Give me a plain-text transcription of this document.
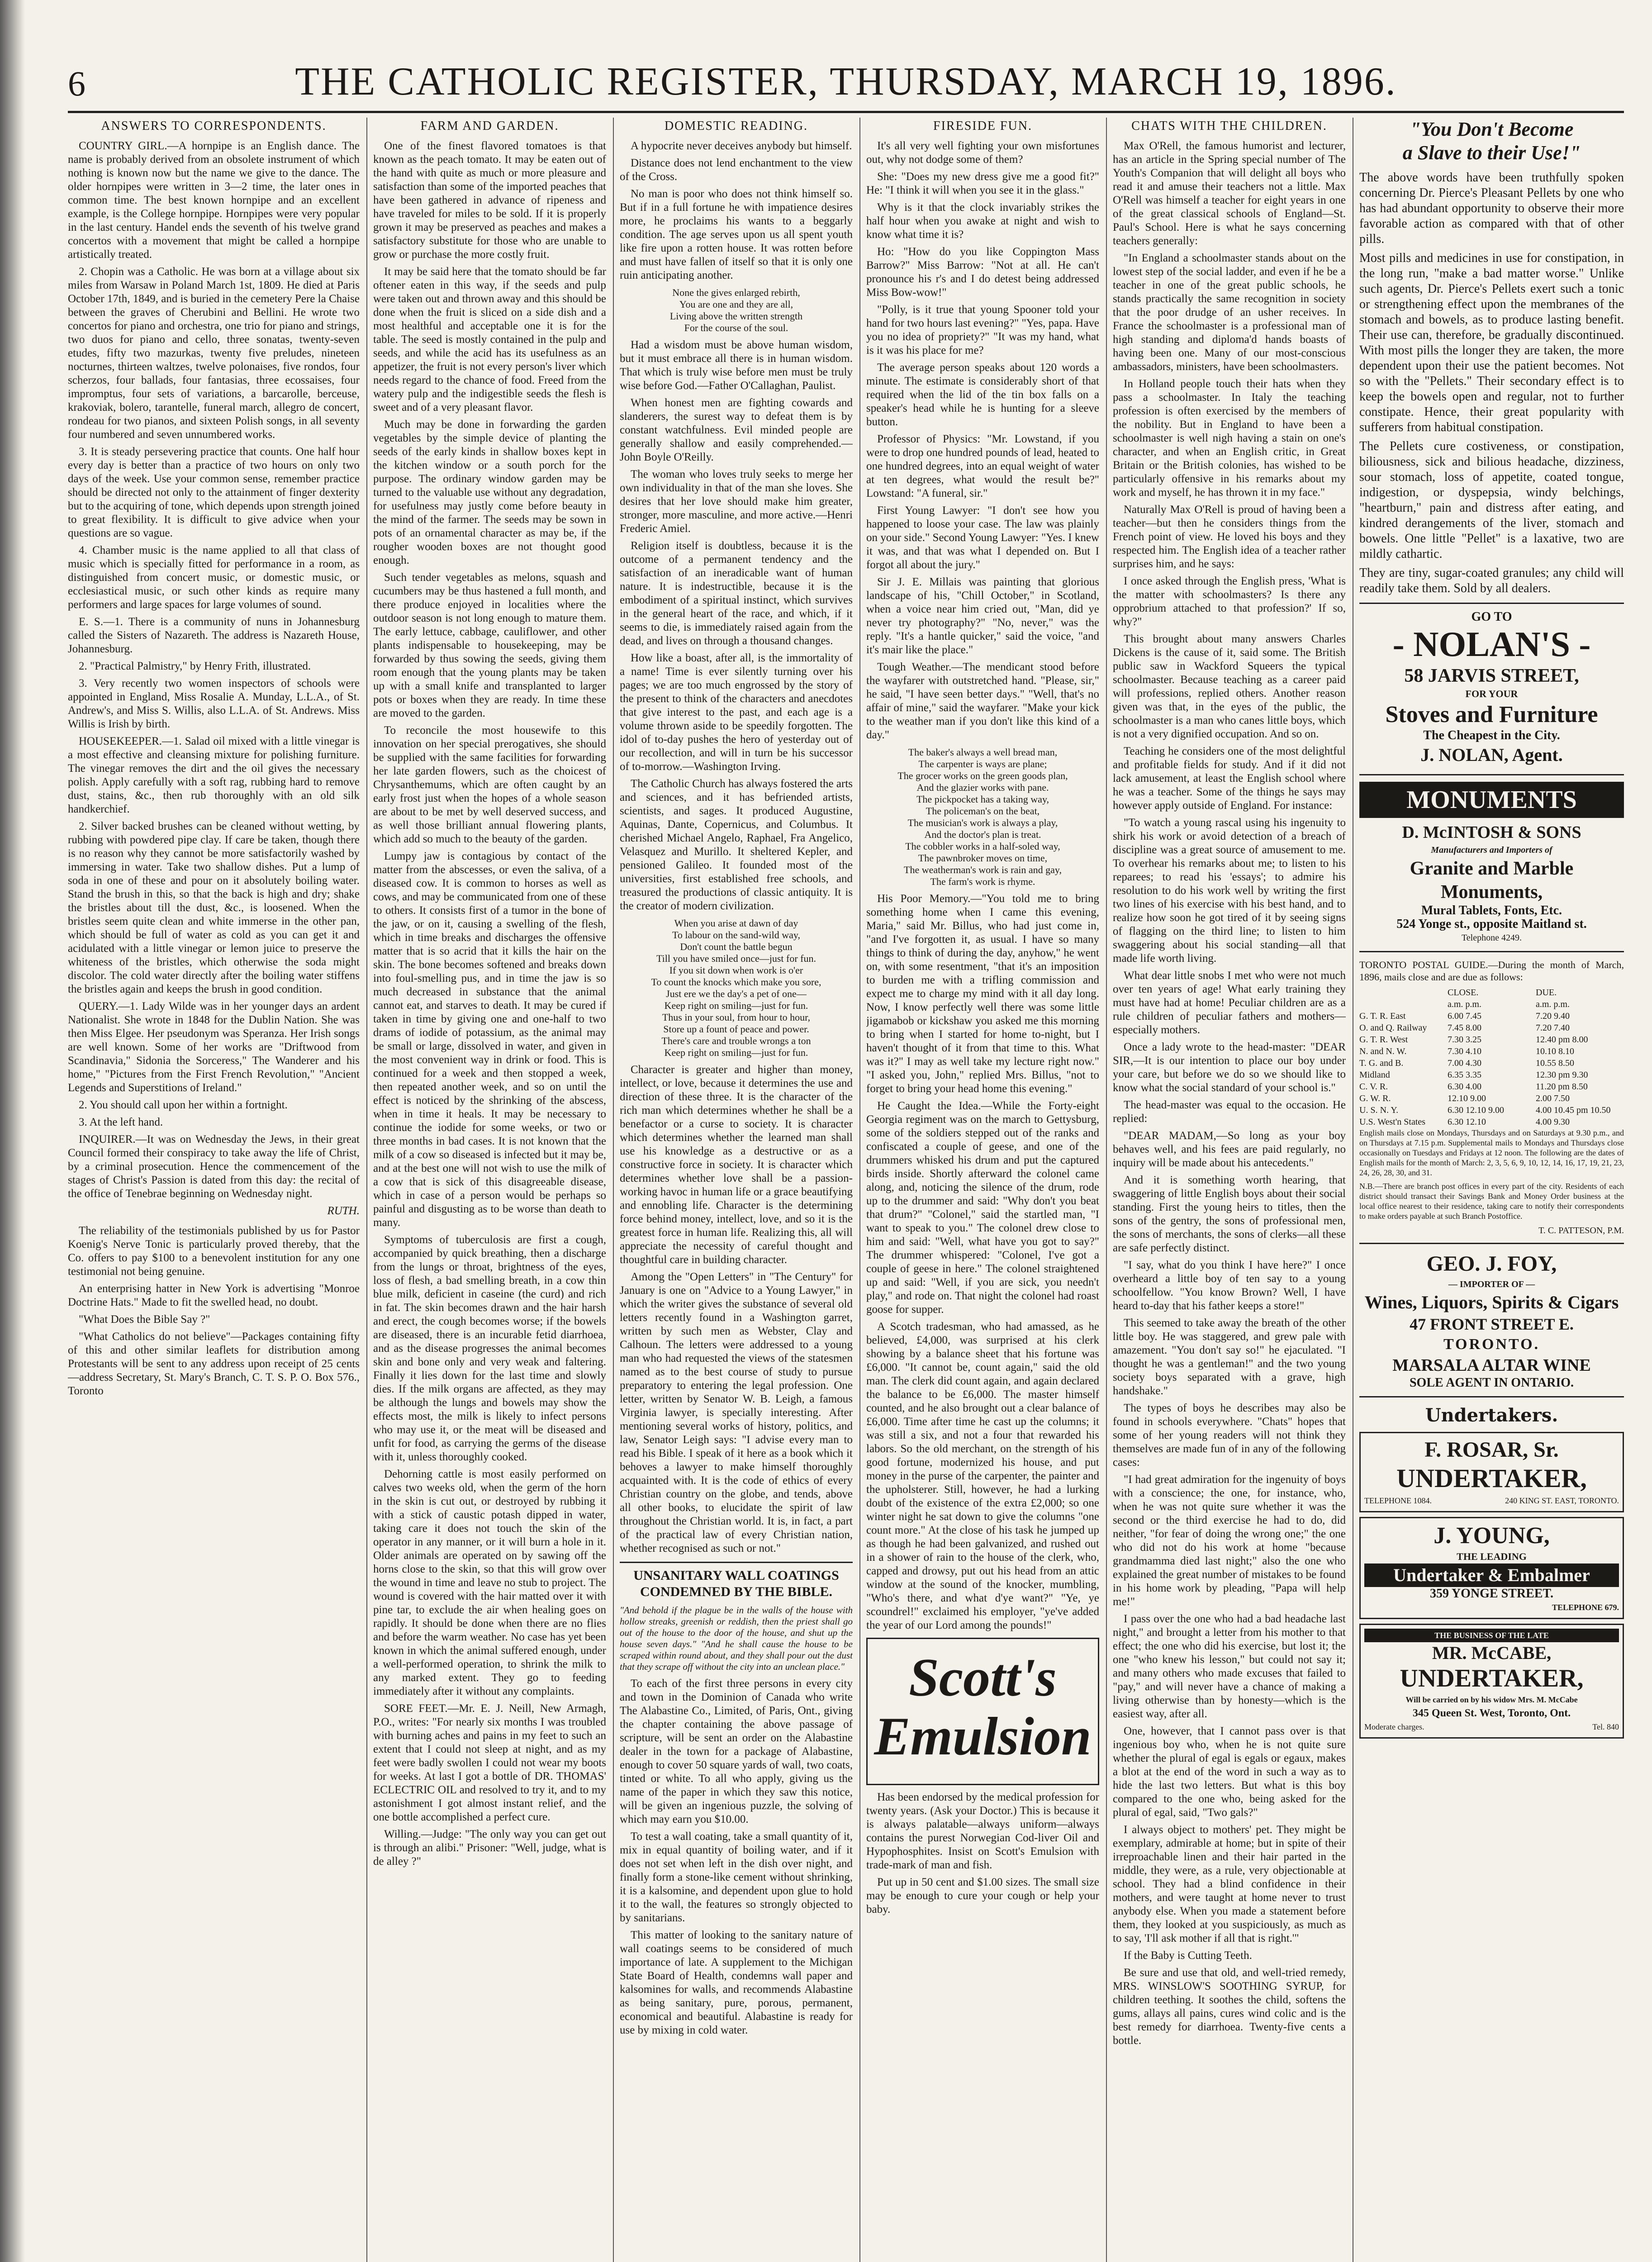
6	THE CATHOLIC REGISTER, THURSDAY, MARCH 19, 1896.
ANSWERS TO CORRESPONDENTS.

COUNTRY GIRL.—A hornpipe is an English dance. The name is probably derived from an obsolete instrument of which nothing is known now but the name we give to the dance. The older hornpipes were written in 3—2 time, the later ones in common time. The best known hornpipe and an excellent example, is the College hornpipe. Hornpipes were very popular in the last century. Handel ends the seventh of his twelve grand concertos with a movement that might be called a hornpipe artistically treated.

2. Chopin was a Catholic. He was born at a village about six miles from Warsaw in Poland March 1st, 1809. He died at Paris October 17th, 1849, and is buried in the cemetery Pere la Chaise between the graves of Cherubini and Bellini. He wrote two concertos for piano and orchestra, one trio for piano and strings, two duos for piano and cello, three sonatas, twenty-seven etudes, fifty two mazurkas, twenty five preludes, nineteen nocturnes, thirteen waltzes, twelve polonaises, five rondos, four scherzos, four ballads, four fantasias, three ecossaises, four impromptus, four sets of variations, a barcarolle, berceuse, krakoviak, bolero, tarantelle, funeral march, allegro de concert, rondeau for two pianos, and sixteen Polish songs, in all seventy four numbered and seven unnumbered works.

3. It is steady persevering practice that counts. One half hour every day is better than a practice of two hours on only two days of the week. Use your common sense, remember practice should be directed not only to the attainment of finger dexterity but to the acquiring of tone, which depends upon strength joined to great flexibility. It is difficult to give advice when your questions are so vague.

4. Chamber music is the name applied to all that class of music which is specially fitted for performance in a room, as distinguished from concert music, or domestic music, or ecclesiastical music, or such other kinds as require many performers and large spaces for large volumes of sound.

E. S.—1. There is a community of nuns in Johannesburg called the Sisters of Nazareth. The address is Nazareth House, Johannesburg.

2. "Practical Palmistry," by Henry Frith, illustrated.

3. Very recently two women inspectors of schools were appointed in England, Miss Rosalie A. Munday, L.L.A., of St. Andrew's, and Miss S. Willis, also L.L.A. of St. Andrews. Miss Willis is Irish by birth.

HOUSEKEEPER.—1. Salad oil mixed with a little vinegar is a most effective and cleansing mixture for polishing furniture. The vinegar removes the dirt and the oil gives the necessary polish. Apply carefully with a soft rag, rubbing hard to remove dust, stains, &c., then rub thoroughly with an old silk handkerchief.

2. Silver backed brushes can be cleaned without wetting, by rubbing with powdered pipe clay. If care be taken, though there is no reason why they cannot be more satisfactorily washed by immersing in water. Take two shallow dishes. Put a lump of soda in one of these and pour on it absolutely boiling water. Stand the brush in this, so that the back is high and dry; shake the bristles about till the dust, &c., is loosened. When the bristles seem quite clean and white immerse in the other pan, which should be full of water as cold as you can get it and acidulated with a little vinegar or lemon juice to preserve the whiteness of the bristles, which otherwise the soda might discolor. The cold water directly after the boiling water stiffens the bristles again and keeps the brush in good condition.

QUERY.—1. Lady Wilde was in her younger days an ardent Nationalist. She wrote in 1848 for the Dublin Nation. She was then Miss Elgee. Her pseudonym was Speranza. Her Irish songs are well known. Some of her works are "Driftwood from Scandinavia," Sidonia the Sorceress," The Wanderer and his home," "Pictures from the First French Revolution," "Ancient Legends and Superstitions of Ireland."

2. You should call upon her within a fortnight.

3. At the left hand.

INQUIRER.—It was on Wednesday the Jews, in their great Council formed their conspiracy to take away the life of Christ, by a criminal prosecution. Hence the commencement of the stages of Christ's Passion is dated from this day: the recital of the office of Tenebrae beginning on Wednesday night.

RUTH.

The reliability of the testimonials published by us for Pastor Koenig's Nerve Tonic is particularly proved thereby, that the Co. offers to pay $100 to a benevolent institution for any one testimonial not being genuine.

An enterprising hatter in New York is advertising "Monroe Doctrine Hats." Made to fit the swelled head, no doubt.

"What Does the Bible Say ?"

"What Catholics do not believe"—Packages containing fifty of this and other similar leaflets for distribution among Protestants will be sent to any address upon receipt of 25 cents—address Secretary, St. Mary's Branch, C. T. S. P. O. Box 576., Toronto

FARM AND GARDEN.

One of the finest flavored tomatoes is that known as the peach tomato. It may be eaten out of the hand with quite as much or more pleasure and satisfaction than some of the imported peaches that have been gathered in advance of ripeness and have traveled for miles to be sold. If it is properly grown it may be preserved as peaches and makes a satisfactory substitute for those who are unable to grow or purchase the more costly fruit.

It may be said here that the tomato should be far oftener eaten in this way, if the seeds and pulp were taken out and thrown away and this should be done when the fruit is sliced on a side dish and a most healthful and acceptable one it is for the table. The seed is mostly contained in the pulp and seeds, and while the acid has its usefulness as an appetizer, the fruit is not every person's liver which needs regard to the chance of food. Freed from the watery pulp and the indigestible seeds the flesh is sweet and of a very pleasant flavor.

Much may be done in forwarding the garden vegetables by the simple device of planting the seeds of the early kinds in shallow boxes kept in the kitchen window or a south porch for the purpose. The ordinary window garden may be turned to the valuable use without any degradation, for usefulness may justly come before beauty in the mind of the farmer. The seeds may be sown in pots of an ornamental character as may be, if the rougher wooden boxes are not thought good enough.

Such tender vegetables as melons, squash and cucumbers may be thus hastened a full month, and there produce enjoyed in localities where the outdoor season is not long enough to mature them. The early lettuce, cabbage, cauliflower, and other plants indispensable to housekeeping, may be forwarded by thus sowing the seeds, giving them room enough that the young plants may be taken up with a small knife and transplanted to larger pots or boxes when they are ready. In time these are moved to the garden.

To reconcile the most housewife to this innovation on her special prerogatives, she should be supplied with the same facilities for forwarding her late garden flowers, such as the choicest of Chrysanthemums, which are often caught by an early frost just when the hopes of a whole season are about to be met by well deserved success, and as well those brilliant annual flowering plants, which add so much to the beauty of the garden.

Lumpy jaw is contagious by contact of the matter from the abscesses, or even the saliva, of a diseased cow. It is common to horses as well as cows, and may be communicated from one of these to others. It consists first of a tumor in the bone of the jaw, or on it, causing a swelling of the flesh, which in time breaks and discharges the offensive matter that is so acrid that it kills the hair on the skin. The bone becomes softened and breaks down into foul-smelling pus, and in time the jaw is so much decreased in substance that the animal cannot eat, and starves to death. It may be cured if taken in time by giving one and one-half to two drams of iodide of potassium, as the animal may be small or large, dissolved in water, and given in the most convenient way in drink or food. This is continued for a week and then stopped a week, then repeated another week, and so on until the effect is noticed by the shrinking of the abscess, when in time it heals. It may be necessary to continue the iodide for some weeks, or two or three months in bad cases. It is not known that the milk of a cow so diseased is infected but it may be, and at the best one will not wish to use the milk of a cow that is sick of this disagreeable disease, which in case of a person would be perhaps so painful and disgusting as to be worse than death to many.

Symptoms of tuberculosis are first a cough, accompanied by quick breathing, then a discharge from the lungs or throat, brightness of the eyes, loss of flesh, a bad smelling breath, in a cow thin blue milk, deficient in caseine (the curd) and rich in fat. The skin becomes drawn and the hair harsh and erect, the cough becomes worse; if the bowels are diseased, there is an incurable fetid diarrhoea, and as the disease progresses the animal becomes skin and bone only and very weak and faltering. Finally it lies down for the last time and slowly dies. If the milk organs are affected, as they may be although the lungs and bowels may show the effects most, the milk is likely to infect persons who may use it, or the meat will be diseased and unfit for food, as carrying the germs of the disease with it, unless thoroughly cooked.

Dehorning cattle is most easily performed on calves two weeks old, when the germ of the horn in the skin is cut out, or destroyed by rubbing it with a stick of caustic potash dipped in water, taking care it does not touch the skin of the operator in any manner, or it will burn a hole in it. Older animals are operated on by sawing off the horns close to the skin, so that this will grow over the wound in time and leave no stub to project. The wound is covered with the hair matted over it with pine tar, to exclude the air when healing goes on rapidly. It should be done when there are no flies and before the warm weather. No case has yet been known in which the animal suffered enough, under a well-performed operation, to shrink the milk to any marked extent. They go to feeding immediately after it without any complaints.

SORE FEET.—Mr. E. J. Neill, New Armagh, P.O., writes: "For nearly six months I was troubled with burning aches and pains in my feet to such an extent that I could not sleep at night, and as my feet were badly swollen I could not wear my boots for weeks. At last I got a bottle of DR. THOMAS' ECLECTRIC OIL and resolved to try it, and to my astonishment I got almost instant relief, and the one bottle accomplished a perfect cure.

Willing.—Judge: "The only way you can get out is through an alibi." Prisoner: "Well, judge, what is de alley ?"

DOMESTIC READING.

A hypocrite never deceives anybody but himself.

Distance does not lend enchantment to the view of the Cross.

No man is poor who does not think himself so. But if in a full fortune he with impatience desires more, he proclaims his wants to a beggarly condition. The age serves upon us all spent youth like fire upon a rotten house. It was rotten before and must have fallen of itself so that it is only one ruin anticipating another.

None the gives enlarged rebirth,
You are one and they are all,
Living above the written strength
For the course of the soul.

Had a wisdom must be above human wisdom, but it must embrace all there is in human wisdom. That which is truly wise before men must be truly wise before God.—Father O'Callaghan, Paulist.

When honest men are fighting cowards and slanderers, the surest way to defeat them is by constant watchfulness. Evil minded people are generally shallow and easily comprehended.—John Boyle O'Reilly.

The woman who loves truly seeks to merge her own individuality in that of the man she loves. She desires that her love should make him greater, stronger, more masculine, and more active.—Henri Frederic Amiel.

Religion itself is doubtless, because it is the outcome of a permanent tendency and the satisfaction of an ineradicable want of human nature. It is indestructible, because it is the embodiment of a spiritual instinct, which survives in the general heart of the race, and which, if it seems to die, is immediately raised again from the dead, and lives on through a thousand changes.

How like a boast, after all, is the immortality of a name! Time is ever silently turning over his pages; we are too much engrossed by the story of the present to think of the characters and anecdotes that give interest to the past, and each age is a volume thrown aside to be speedily forgotten. The idol of to-day pushes the hero of yesterday out of our recollection, and will in turn be his successor of to-morrow.—Washington Irving.

The Catholic Church has always fostered the arts and sciences, and it has befriended artists, scientists, and sages. It produced Augustine, Aquinas, Dante, Copernicus, and Columbus. It cherished Michael Angelo, Raphael, Fra Angelico, Velasquez and Murillo. It sheltered Kepler, and pensioned Galileo. It founded most of the universities, first established free schools, and treasured the productions of classic antiquity. It is the creator of modern civilization.

When you arise at dawn of day
To labour on the sand-wild way,
Don't count the battle begun
Till you have smiled once—just for fun.
If you sit down when work is o'er
To count the knocks which make you sore,
Just ere we the day's a pet of one—
Keep right on smiling—just for fun.
Thus in your soul, from hour to hour,
Store up a fount of peace and power.
There's care and trouble wrongs a ton
Keep right on smiling—just for fun.

Character is greater and higher than money, intellect, or love, because it determines the use and direction of these three. It is the character of the rich man which determines whether he shall be a benefactor or a curse to society. It is character which determines whether the learned man shall use his knowledge as a destructive or as a constructive force in society. It is character which determines whether love shall be a passion-working havoc in human life or a grace beautifying and ennobling life. Character is the determining force behind money, intellect, love, and so it is the greatest force in human life. Realizing this, all will appreciate the necessity of careful thought and thoughtful care in building character.

Among the "Open Letters" in "The Century" for January is one on "Advice to a Young Lawyer," in which the writer gives the substance of several old letters recently found in a Washington garret, written by such men as Webster, Clay and Calhoun. The letters were addressed to a young man who had requested the views of the statesmen named as to the best course of study to pursue preparatory to entering the legal profession. One letter, written by Senator W. B. Leigh, a famous Virginia lawyer, is specially interesting. After mentioning several works of history, politics, and law, Senator Leigh says: "I advise every man to read his Bible. I speak of it here as a book which it behoves a lawyer to make himself thoroughly acquainted with. It is the code of ethics of every Christian country on the globe, and tends, above all other books, to elucidate the spirit of law throughout the Christian world. It is, in fact, a part of the practical law of every Christian nation, whether recognised as such or not."

UNSANITARY WALL COATINGS CONDEMNED BY THE BIBLE.

"And behold if the plague be in the walls of the house with hollow streaks, greenish or reddish, then the priest shall go out of the house to the door of the house, and shut up the house seven days." "And he shall cause the house to be scraped within round about, and they shall pour out the dust that they scrape off without the city into an unclean place."

To each of the first three persons in every city and town in the Dominion of Canada who write The Alabastine Co., Limited, of Paris, Ont., giving the chapter containing the above passage of scripture, will be sent an order on the Alabastine dealer in the town for a package of Alabastine, enough to cover 50 square yards of wall, two coats, tinted or white. To all who apply, giving us the name of the paper in which they saw this notice, will be given an ingenious puzzle, the solving of which may earn you $10.00.

To test a wall coating, take a small quantity of it, mix in equal quantity of boiling water, and if it does not set when left in the dish over night, and finally form a stone-like cement without shrinking, it is a kalsomine, and dependent upon glue to hold it to the wall, the features so strongly objected to by sanitarians.

This matter of looking to the sanitary nature of wall coatings seems to be considered of much importance of late. A supplement to the Michigan State Board of Health, condemns wall paper and kalsomines for walls, and recommends Alabastine as being sanitary, pure, porous, permanent, economical and beautiful. Alabastine is ready for use by mixing in cold water.

FIRESIDE FUN.

It's all very well fighting your own misfortunes out, why not dodge some of them?

She: "Does my new dress give me a good fit?" He: "I think it will when you see it in the glass."

Why is it that the clock invariably strikes the half hour when you awake at night and wish to know what time it is?

Ho: "How do you like Coppington Mass Barrow?" Miss Barrow: "Not at all. He can't pronounce his r's and I do detest being addressed Miss Bow-wow!"

"Polly, is it true that young Spooner told your hand for two hours last evening?" "Yes, papa. Have you no idea of propriety?" "It was my hand, what is it was his place for me?

The average person speaks about 120 words a minute. The estimate is considerably short of that required when the lid of the tin box falls on a speaker's head while he is hunting for a sleeve button.

Professor of Physics: "Mr. Lowstand, if you were to drop one hundred pounds of lead, heated to one hundred degrees, into an equal weight of water at ten degrees, what would the result be?" Lowstand: "A funeral, sir."

First Young Lawyer: "I don't see how you happened to loose your case. The law was plainly on your side." Second Young Lawyer: "Yes. I knew it was, and that was what I depended on. But I forgot all about the jury."

Sir J. E. Millais was painting that glorious landscape of his, "Chill October," in Scotland, when a voice near him cried out, "Man, did ye never try photography?" "No, never," was the reply. "It's a hantle quicker," said the voice, "and it's mair like the place."

Tough Weather.—The mendicant stood before the wayfarer with outstretched hand. "Please, sir," he said, "I have seen better days." "Well, that's no affair of mine," said the wayfarer. "Make your kick to the weather man if you don't like this kind of a day."

The baker's always a well bread man,
The carpenter is ways are plane;
The grocer works on the green goods plan,
And the glazier works with pane.
The pickpocket has a taking way,
The policeman's on the beat,
The musician's work is always a play,
And the doctor's plan is treat.
The cobbler works in a half-soled way,
The pawnbroker moves on time,
The weatherman's work is rain and gay,
The farm's work is rhyme.

His Poor Memory.—"You told me to bring something home when I came this evening, Maria," said Mr. Billus, who had just come in, "and I've forgotten it, as usual. I have so many things to think of during the day, anyhow," he went on, with some resentment, "that it's an imposition to burden me with a trifling commission and expect me to charge my mind with it all day long. Now, I know perfectly well there was some little jigamabob or kickshaw you asked me this morning to bring when I started for home to-night, but I haven't thought of it from that time to this. What was it?" I may as well take my lecture right now." "I asked you, John," replied Mrs. Billus, "not to forget to bring your head home this evening."

He Caught the Idea.—While the Forty-eight Georgia regiment was on the march to Gettysburg, some of the soldiers stepped out of the ranks and confiscated a couple of geese, and one of the drummers whisked his drum and put the captured birds inside. Shortly afterward the colonel came along, and, noticing the silence of the drum, rode up to the drummer and said: "Why don't you beat that drum?" "Colonel," said the startled man, "I want to speak to you." The colonel drew close to him and said: "Well, what have you got to say?" The drummer whispered: "Colonel, I've got a couple of geese in here." The colonel straightened up and said: "Well, if you are sick, you needn't play," and rode on. That night the colonel had roast goose for supper.

A Scotch tradesman, who had amassed, as he believed, £4,000, was surprised at his clerk showing by a balance sheet that his fortune was £6,000. "It cannot be, count again," said the old man. The clerk did count again, and again declared the balance to be £6,000. The master himself counted, and he also brought out a clear balance of £6,000. Time after time he cast up the columns; it was still a six, and not a four that rewarded his labors. So the old merchant, on the strength of his good fortune, modernized his house, and put money in the purse of the carpenter, the painter and the upholsterer. Still, however, he had a lurking doubt of the existence of the extra £2,000; so one winter night he sat down to give the columns "one count more." At the close of his task he jumped up as though he had been galvanized, and rushed out in a shower of rain to the house of the clerk, who, capped and drowsy, put out his head from an attic window at the sound of the knocker, mumbling, "Who's there, and what d'ye want?" "Ye, ye scoundrel!" exclaimed his employer, "ye've added the year of our Lord among the pounds!"

Scott's Emulsion

Has been endorsed by the medical profession for twenty years. (Ask your Doctor.) This is because it is always palatable—always uniform—always contains the purest Norwegian Cod-liver Oil and Hypophosphites. Insist on Scott's Emulsion with trade-mark of man and fish.

Put up in 50 cent and $1.00 sizes. The small size may be enough to cure your cough or help your baby.

CHATS WITH THE CHILDREN.

Max O'Rell, the famous humorist and lecturer, has an article in the Spring special number of The Youth's Companion that will delight all boys who read it and amuse their teachers not a little. Max O'Rell was himself a teacher for eight years in one of the great classical schools of England—St. Paul's School. Here is what he says concerning teachers generally:

"In England a schoolmaster stands about on the lowest step of the social ladder, and even if he be a teacher in one of the great public schools, he stands practically the same recognition in society that the poor drudge of an usher receives. In France the schoolmaster is a professional man of high standing and diploma'd hands boasts of having been one. Many of our most-conscious ambassadors, ministers, have been schoolmasters.

In Holland people touch their hats when they pass a schoolmaster. In Italy the teaching profession is often exercised by the members of the nobility. But in England to have been a schoolmaster is well nigh having a stain on one's character, and when an English critic, in Great Britain or the British colonies, has wished to be particularly offensive in his remarks about my work and myself, he has thrown it in my face."

Naturally Max O'Rell is proud of having been a teacher—but then he considers things from the French point of view. He loved his boys and they respected him. The English idea of a teacher rather surprises him, and he says:

I once asked through the English press, 'What is the matter with schoolmasters? Is there any opprobrium attached to that profession?' If so, why?"

This brought about many answers Charles Dickens is the cause of it, said some. The British public saw in Wackford Squeers the typical schoolmaster. Because teaching as a career paid will professions, replied others. Another reason given was that, in the eyes of the public, the schoolmaster is a man who canes little boys, which is not a very dignified occupation. And so on.

Teaching he considers one of the most delightful and profitable fields for study. And if it did not lack amusement, at least the English school where he was a teacher. Some of the things he says may however apply outside of England. For instance:

"To watch a young rascal using his ingenuity to shirk his work or avoid detection of a breach of discipline was a great source of amusement to me. To overhear his remarks about me; to listen to his reparees; to read his 'essays'; to admire his resolution to do his work well by writing the first two lines of his exercise with his best hand, and to realize how soon he got tired of it by seeing signs of flagging on the third line; to listen to him swaggering about his social standing—all that made life worth living.

What dear little snobs I met who were not much over ten years of age! What early training they must have had at home! Peculiar children are as a rule children of peculiar fathers and mothers—especially mothers.

Once a lady wrote to the head-master: "DEAR SIR,—It is our intention to place our boy under your care, but before we do so we should like to know what the social standard of your school is."

The head-master was equal to the occasion. He replied:

"DEAR MADAM,—So long as your boy behaves well, and his fees are paid regularly, no inquiry will be made about his antecedents."

And it is something worth hearing, that swaggering of little English boys about their social standing. First the young heirs to titles, then the sons of the gentry, the sons of professional men, the sons of merchants, the sons of clerks—all these are safe perfectly distinct.

"I say, what do you think I have here?" I once overheard a little boy of ten say to a young schoolfellow. "You know Brown? Well, I have heard to-day that his father keeps a store!"

This seemed to take away the breath of the other little boy. He was staggered, and grew pale with amazement. "You don't say so!" he ejaculated. "I thought he was a gentleman!" and the two young society boys separated with a grave, high handshake."

The types of boys he describes may also be found in schools everywhere. "Chats" hopes that some of her young readers will not think they themselves are made fun of in any of the following cases:

"I had great admiration for the ingenuity of boys with a conscience; the one, for instance, who, when he was not quite sure whether it was the second or the third exercise he had to do, did neither, "for fear of doing the wrong one;" the one who did not do his work at home "because grandmamma died last night;" also the one who explained the great number of mistakes to be found in his home work by pleading, "Papa will help me!"

I pass over the one who had a bad headache last night," and brought a letter from his mother to that effect; the one who did his exercise, but lost it; the one "who knew his lesson," but could not say it; and many others who made excuses that failed to "pay," and will never have a chance of making a living otherwise than by honesty—which is the easiest way, after all.

One, however, that I cannot pass over is that ingenious boy who, when he is not quite sure whether the plural of egal is egals or egaux, makes a blot at the end of the word in such a way as to hide the last two letters. But what is this boy compared to the one who, being asked for the plural of egal, said, "Two gals?"

I always object to mothers' pet. They might be exemplary, admirable at home; but in spite of their irreproachable linen and their hair parted in the middle, they were, as a rule, very objectionable at school. They had a blind confidence in their mothers, and were taught at home never to trust anybody else. When you made a statement before them, they looked at you suspiciously, as much as to say, 'I'll ask mother if all that is right.'"

If the Baby is Cutting Teeth.

Be sure and use that old, and well-tried remedy, MRS. WINSLOW'S SOOTHING SYRUP, for children teething. It soothes the child, softens the gums, allays all pains, cures wind colic and is the best remedy for diarrhoea. Twenty-five cents a bottle.

"You Don't Become
a Slave to their Use!"

The above words have been truthfully spoken concerning Dr. Pierce's Pleasant Pellets by one who has had abundant opportunity to observe their more favorable action as compared with that of other pills.

Most pills and medicines in use for constipation, in the long run, "make a bad matter worse." Unlike such agents, Dr. Pierce's Pellets exert such a tonic or strengthening effect upon the membranes of the stomach and bowels, as to produce lasting benefit. Their use can, therefore, be gradually discontinued. With most pills the longer they are taken, the more dependent upon their use the patient becomes. Not so with the "Pellets." Their secondary effect is to keep the bowels open and regular, not to further constipate. Hence, their great popularity with sufferers from habitual constipation.

The Pellets cure costiveness, or constipation, biliousness, sick and bilious headache, dizziness, sour stomach, loss of appetite, coated tongue, indigestion, or dyspepsia, windy belchings, "heartburn," pain and distress after eating, and kindred derangements of the liver, stomach and bowels. One little "Pellet" is a laxative, two are mildly cathartic.

They are tiny, sugar-coated granules; any child will readily take them. Sold by all dealers.

GO TO
- NOLAN'S -
58 JARVIS STREET,
FOR YOUR
Stoves and Furniture
The Cheapest in the City.
J. NOLAN, Agent.
MONUMENTS
D. McINTOSH & SONS
Manufacturers and Importers of
Granite and Marble Monuments,
Mural Tablets, Fonts, Etc.
524 Yonge st., opposite Maitland st.
Telephone 4249.

TORONTO POSTAL GUIDE.—During the month of March, 1896, mails close and are due as follows:

CLOSE.	DUE.
a.m. p.m.	a.m. p.m.
G. T. R. East	6.00 7.45	7.20 9.40
O. and Q. Railway	7.45 8.00	7.20 7.40
G. T. R. West	7.30 3.25	12.40 pm 8.00
N. and N. W.	7.30 4.10	10.10 8.10
T. G. and B.	7.00 4.30	10.55 8.50
Midland	6.35 3.35	12.30 pm 9.30
C. V. R.	6.30 4.00	11.20 pm 8.50
G. W. R.	12.10 9.00	2.00 7.50
U. S. N. Y.	6.30 12.10 9.00	4.00 10.45 pm 10.50
U.S. West'n States	6.30 12.10	4.00 9.30

English mails close on Mondays, Thursdays and on Saturdays at 9.30 p.m., and on Thursdays at 7.15 p.m. Supplemental mails to Mondays and Thursdays close occasionally on Tuesdays and Fridays at 12 noon. The following are the dates of English mails for the month of March: 2, 3, 5, 6, 9, 10, 12, 14, 16, 17, 19, 21, 23, 24, 26, 28, 30, and 31.

N.B.—There are branch post offices in every part of the city. Residents of each district should transact their Savings Bank and Money Order business at the local office nearest to their residence, taking care to notify their correspondents to make orders payable at such Branch Postoffice.

T. C. PATTESON, P.M.
GEO. J. FOY,
— IMPORTER OF —
Wines, Liquors, Spirits & Cigars
47 FRONT STREET E.
TORONTO.
MARSALA ALTAR WINE
SOLE AGENT IN ONTARIO.
Undertakers.
F. ROSAR, Sr.
UNDERTAKER,
TELEPHONE 1084.	240 KING ST. EAST, TORONTO.
J. YOUNG,
THE LEADING
Undertaker & Embalmer
359 YONGE STREET.
TELEPHONE 679.
THE BUSINESS OF THE LATE
MR. McCABE,
UNDERTAKER,
Will be carried on by his widow Mrs. M. McCabe
345 Queen St. West, Toronto, Ont.
Moderate charges.	Tel. 840
